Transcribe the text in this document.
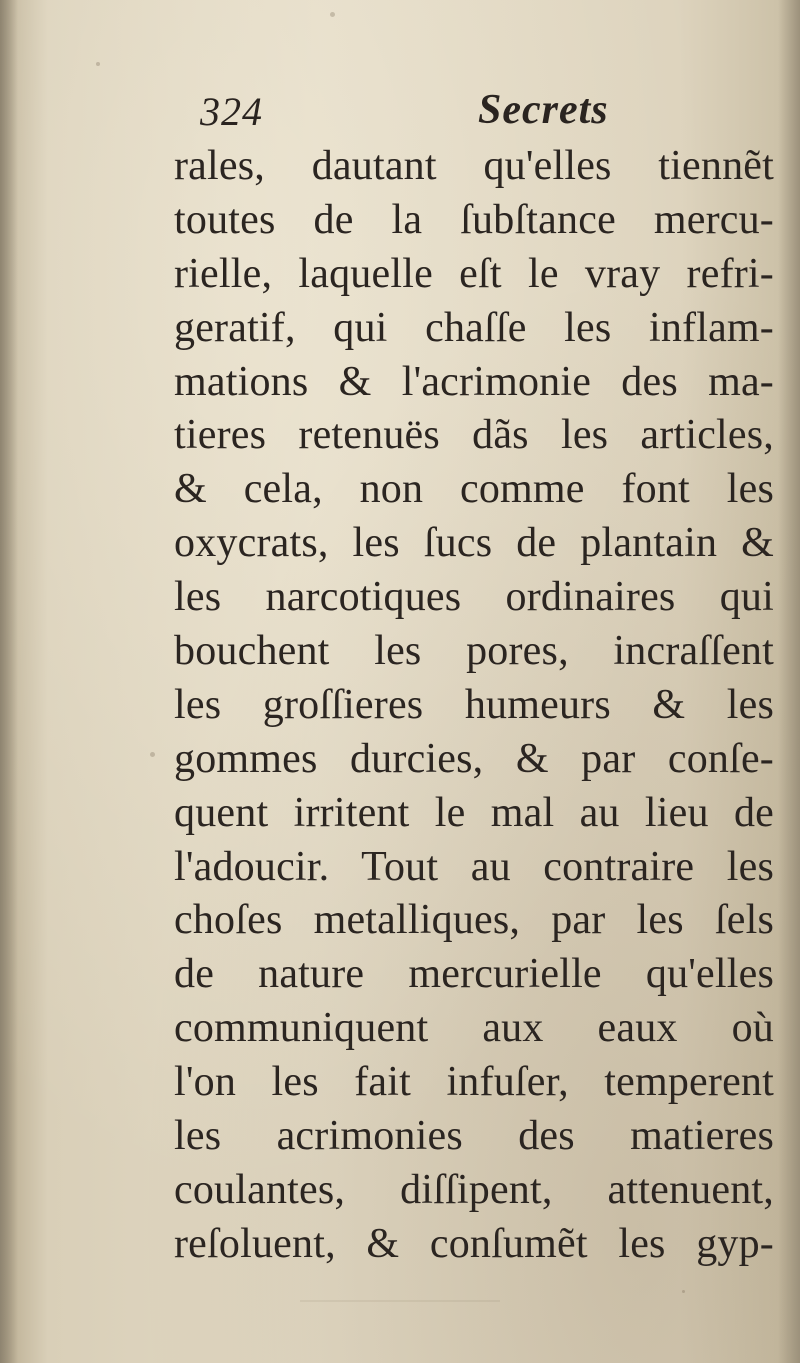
324	Secrets
rales, dautant qu'elles tiennẽt
toutes de la ſubſtance mercu-
rielle, laquelle eſt le vray refri-
geratif, qui chaſſe les inflam-
mations & l'acrimonie des ma-
tieres retenuës dãs les articles,
& cela, non comme font les
oxycrats, les ſucs de plantain &
les narcotiques ordinaires qui
bouchent les pores, incraſſent
les groſſieres humeurs & les
gommes durcies, & par conſe-
quent irritent le mal au lieu de
l'adoucir. Tout au contraire les
choſes metalliques, par les ſels
de nature mercurielle qu'elles
communiquent aux eaux où
l'on les fait infuſer, temperent
les acrimonies des matieres
coulantes, diſſipent, attenuent,
reſoluent, & conſumẽt les gyp-
